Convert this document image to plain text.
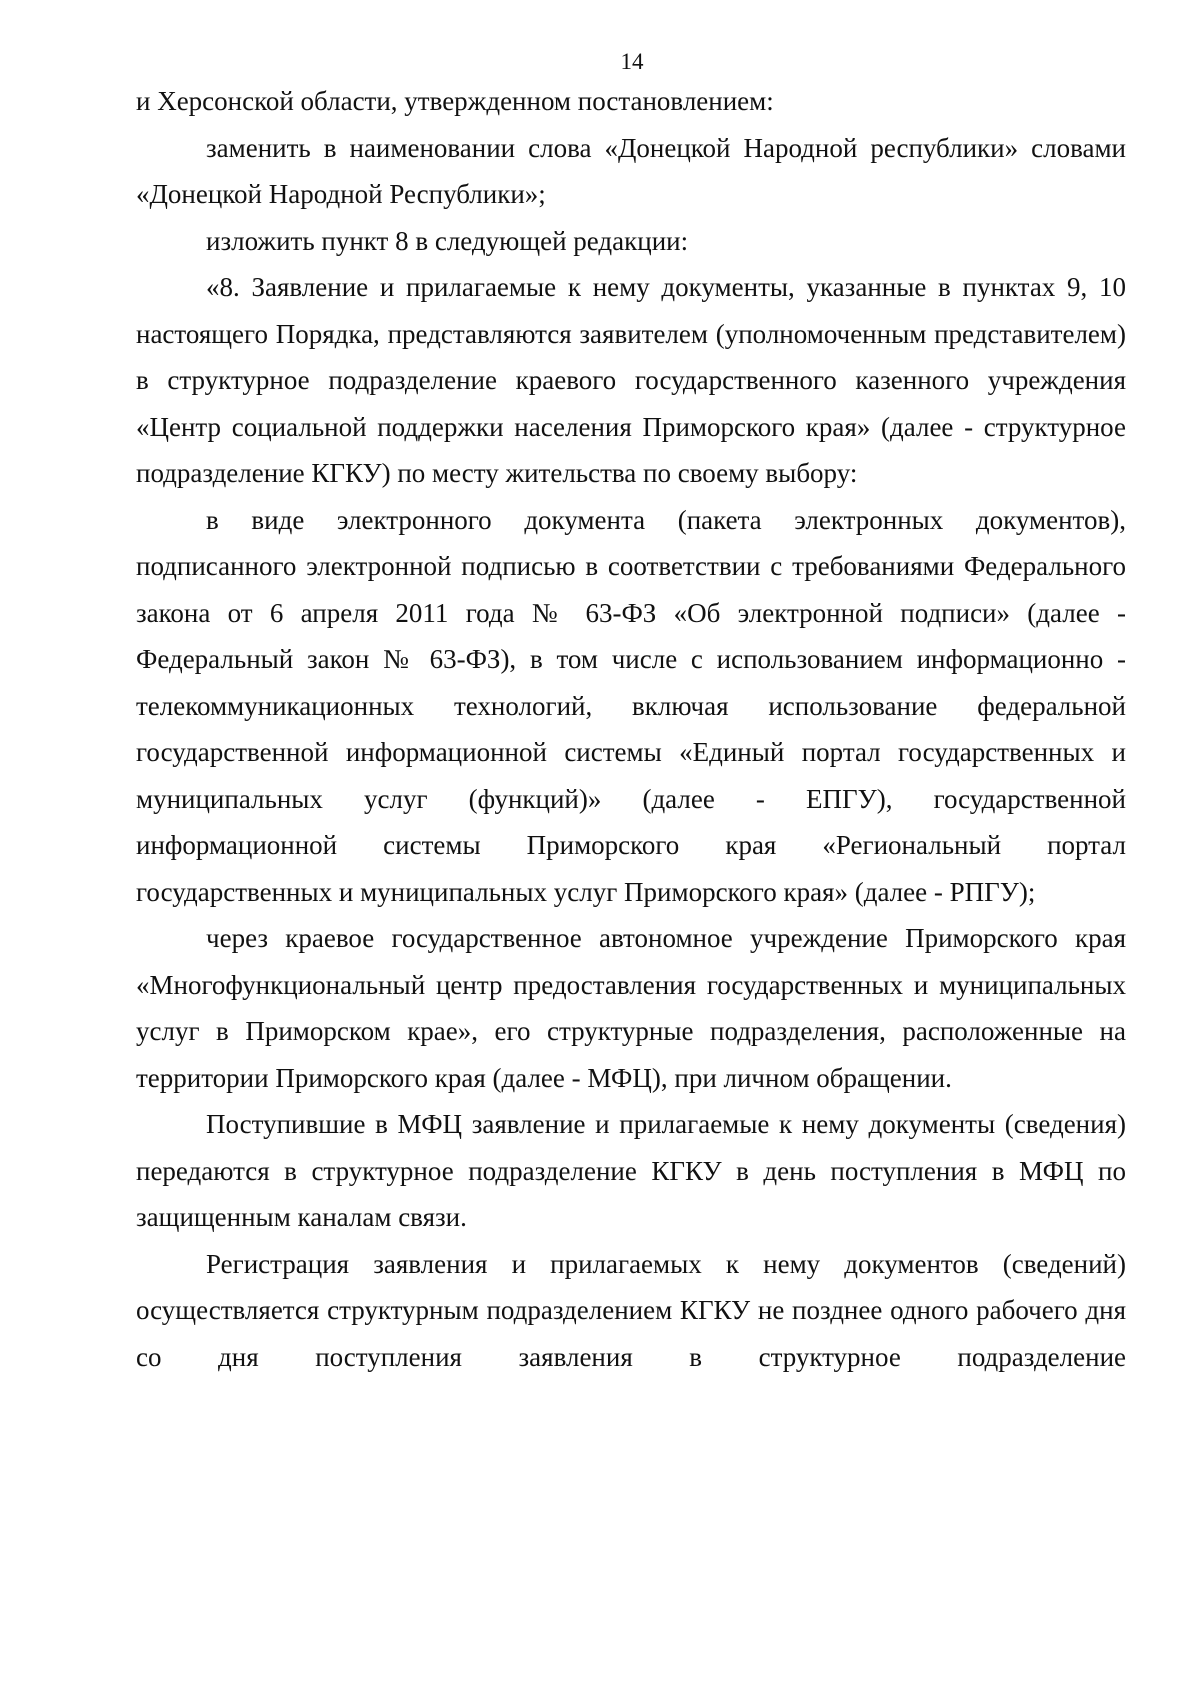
14

и Херсонской области, утвержденном постановлением:

заменить в наименовании слова «Донецкой Народной республики» словами «Донецкой Народной Республики»;

изложить пункт 8 в следующей редакции:

«8. Заявление и прилагаемые к нему документы, указанные в пунктах 9, 10 настоящего Порядка, представляются заявителем (уполномоченным представителем) в структурное подразделение краевого государственного казенного учреждения «Центр социальной поддержки населения Приморского края» (далее - структурное подразделение КГКУ) по месту жительства по своему выбору:

в виде электронного документа (пакета электронных документов), подписанного электронной подписью в соответствии с требованиями Федерального закона от 6 апреля 2011 года № 63-ФЗ «Об электронной подписи» (далее - Федеральный закон № 63-ФЗ), в том числе с использованием информационно - телекоммуникационных технологий, включая использование федеральной государственной информационной системы «Единый портал государственных и муниципальных услуг (функций)» (далее - ЕПГУ), государственной информационной системы Приморского края «Региональный портал государственных и муниципальных услуг Приморского края» (далее - РПГУ);

через краевое государственное автономное учреждение Приморского края «Многофункциональный центр предоставления государственных и муниципальных услуг в Приморском крае», его структурные подразделения, расположенные на территории Приморского края (далее - МФЦ), при личном обращении.

Поступившие в МФЦ заявление и прилагаемые к нему документы (сведения) передаются в структурное подразделение КГКУ в день поступления в МФЦ по защищенным каналам связи.

Регистрация заявления и прилагаемых к нему документов (сведений) осуществляется структурным подразделением КГКУ не позднее одного рабочего дня со дня поступления заявления в структурное подразделение
